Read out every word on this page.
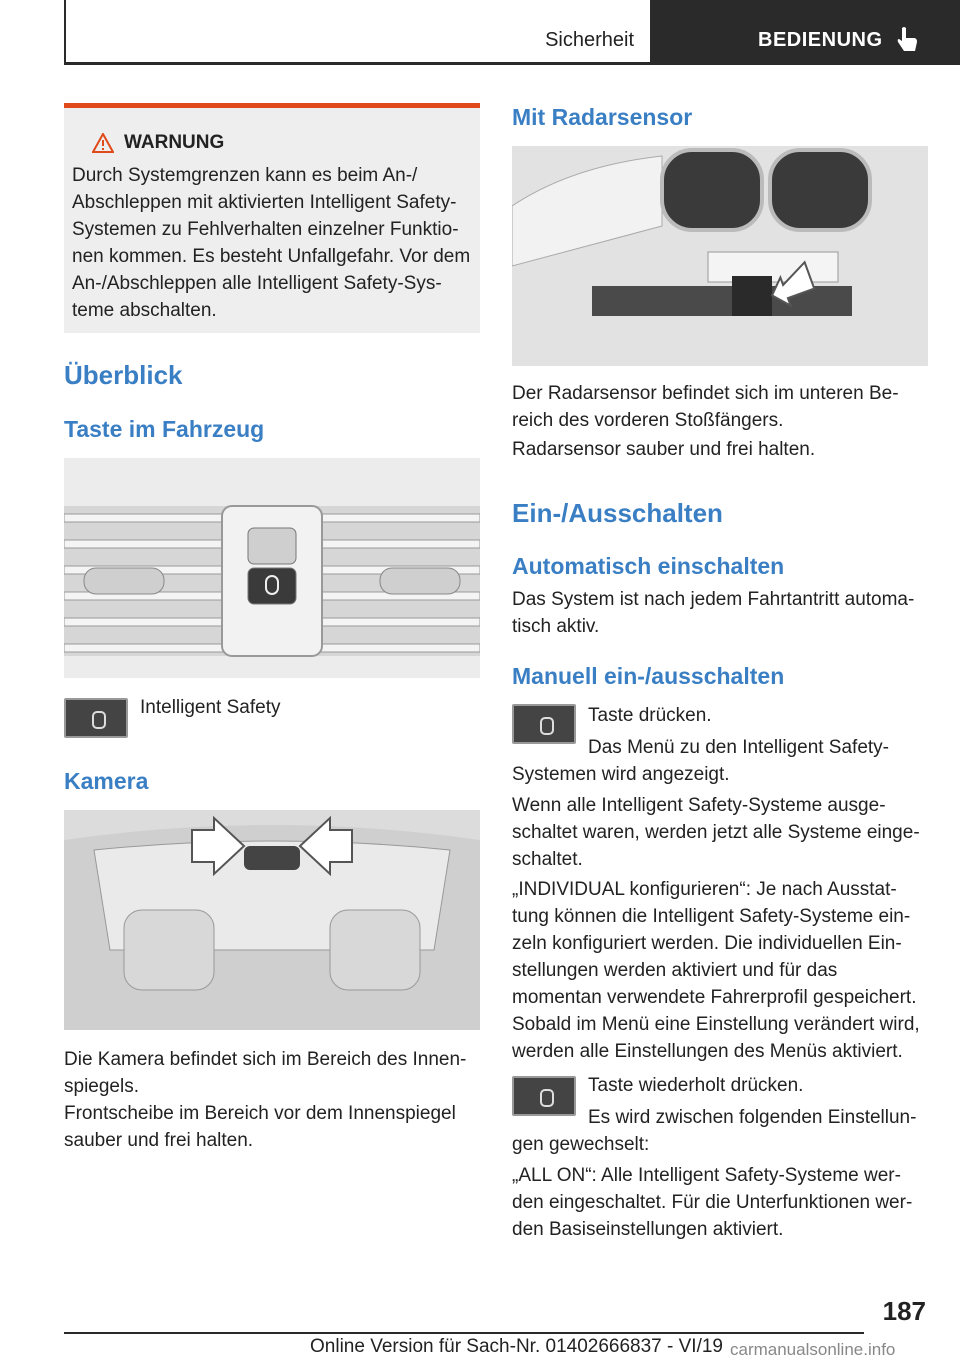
Sicherheit	BEDIENUNG
WARNUNG
Durch Systemgrenzen kann es beim An-/ Abschleppen mit aktivierten Intelligent Safety-Systemen zu Fehlverhalten einzelner Funktio-nen kommen. Es besteht Unfallgefahr. Vor dem An-/Abschleppen alle Intelligent Safety-Sys-teme abschalten.
Überblick
Taste im Fahrzeug
Intelligent Safety
Kamera
Die Kamera befindet sich im Bereich des Innen-spiegels.
Frontscheibe im Bereich vor dem Innenspiegel sauber und frei halten.
Mit Radarsensor
Der Radarsensor befindet sich im unteren Be-reich des vorderen Stoßfängers.
Radarsensor sauber und frei halten.
Ein-/Ausschalten
Automatisch einschalten
Das System ist nach jedem Fahrtantritt automa-tisch aktiv.
Manuell ein-/ausschalten
Taste drücken.
Das Menü zu den Intelligent Safety-
Systemen wird angezeigt.
Wenn alle Intelligent Safety-Systeme ausge-schaltet waren, werden jetzt alle Systeme einge-schaltet.
„INDIVIDUAL konfigurieren“: Je nach Ausstat-tung können die Intelligent Safety-Systeme ein-zeln konfiguriert werden. Die individuellen Ein-stellungen werden aktiviert und für das momentan verwendete Fahrerprofil gespeichert. Sobald im Menü eine Einstellung verändert wird, werden alle Einstellungen des Menüs aktiviert.
Taste wiederholt drücken.
Es wird zwischen folgenden Einstellun-
gen gewechselt:
„ALL ON“: Alle Intelligent Safety-Systeme wer-den eingeschaltet. Für die Unterfunktionen wer-den Basiseinstellungen aktiviert.
187
Online Version für Sach-Nr. 01402666837 - VI/19 carmanualsonline.info
